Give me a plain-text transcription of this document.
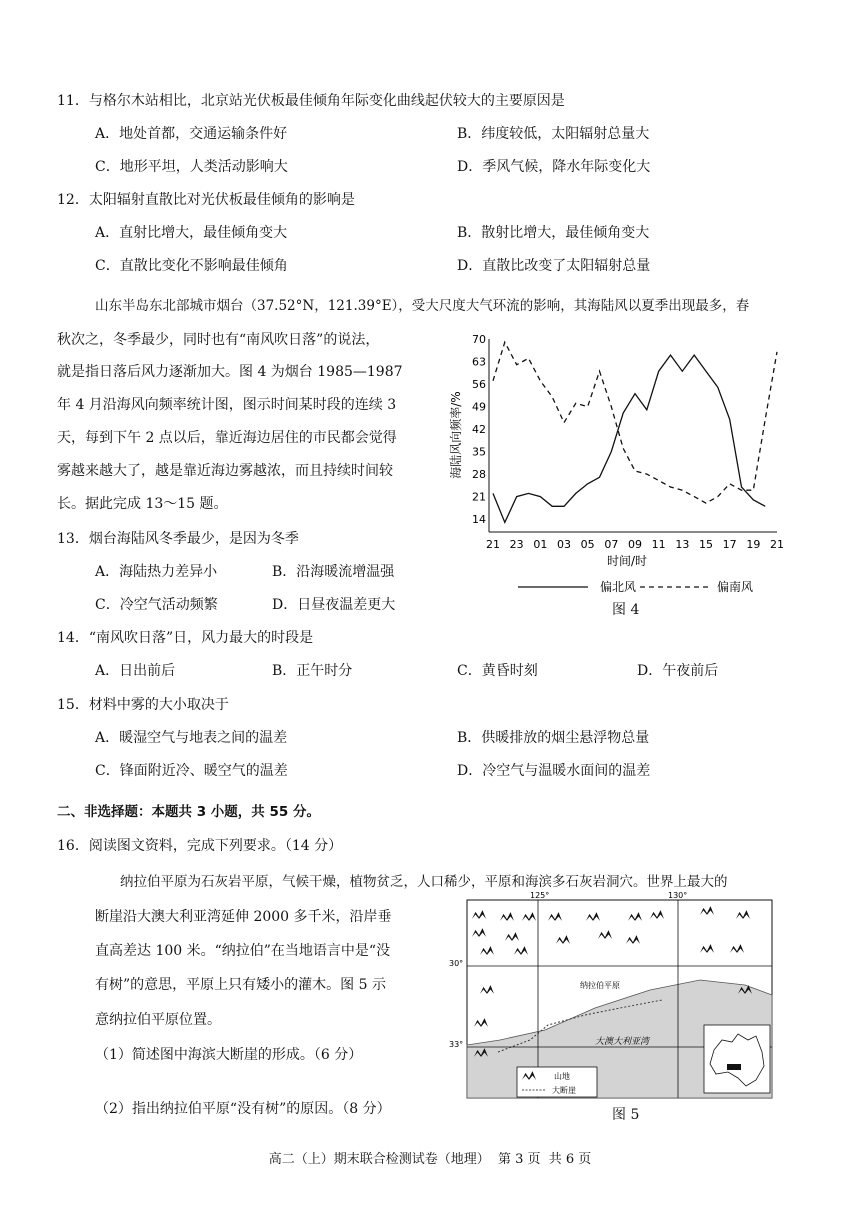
11．与格尔木站相比，北京站光伏板最佳倾角年际变化曲线起伏较大的主要原因是
A．地处首都，交通运输条件好	B．纬度较低，太阳辐射总量大
C．地形平坦，人类活动影响大	D．季风气候，降水年际变化大
12．太阳辐射直散比对光伏板最佳倾角的影响是
A．直射比增大，最佳倾角变大	B．散射比增大，最佳倾角变大
C．直散比变化不影响最佳倾角	D．直散比改变了太阳辐射总量
山东半岛东北部城市烟台（37.52°N，121.39°E），受大尺度大气环流的影响，其海陆风以夏季出现最多，春
秋次之，冬季最少，同时也有“南风吹日落”的说法，
就是指日落后风力逐渐加大。图 4 为烟台 1985—1987
年 4 月沿海风向频率统计图，图示时间某时段的连续 3
天，每到下午 2 点以后，靠近海边居住的市民都会觉得
雾越来越大了，越是靠近海边雾越浓，而且持续时间较
长。据此完成 13～15 题。
13．烟台海陆风冬季最少，是因为冬季
A．海陆热力差异小	B．沿海暖流增温强
C．冷空气活动频繁	D．日昼夜温差更大
14．“南风吹日落”日，风力最大的时段是
A．日出前后	B．正午时分	C．黄昏时刻	D．午夜前后
15．材料中雾的大小取决于
A．暖湿空气与地表之间的温差	B．供暖排放的烟尘悬浮物总量
C．锋面附近冷、暖空气的温差	D．冷空气与温暖水面间的温差
二、非选择题：本题共 3 小题，共 55 分。
16．阅读图文资料，完成下列要求。（14 分）
纳拉伯平原为石灰岩平原，气候干燥，植物贫乏，人口稀少，平原和海滨多石灰岩洞穴。世界上最大的
断崖沿大澳大利亚湾延伸 2000 多千米，沿岸垂
直高差达 100 米。“纳拉伯”在当地语言中是“没
有树”的意思，平原上只有矮小的灌木。图 5 示
意纳拉伯平原位置。
（1）简述图中海滨大断崖的形成。（6 分）
（2）指出纳拉伯平原“没有树”的原因。（8 分）
14
21
28
35
42
49
56
63
70
21 23 01 03 05 07 09 11 13 15 17 19 21
海陆风向频率/%
时间/时
偏北风	偏南风
图 4
125°	130°
30°
33°
纳拉伯平原
大澳大利亚湾
山地
大断崖
图 5
高二（上）期末联合检测试卷（地理）  第 3 页  共 6 页
